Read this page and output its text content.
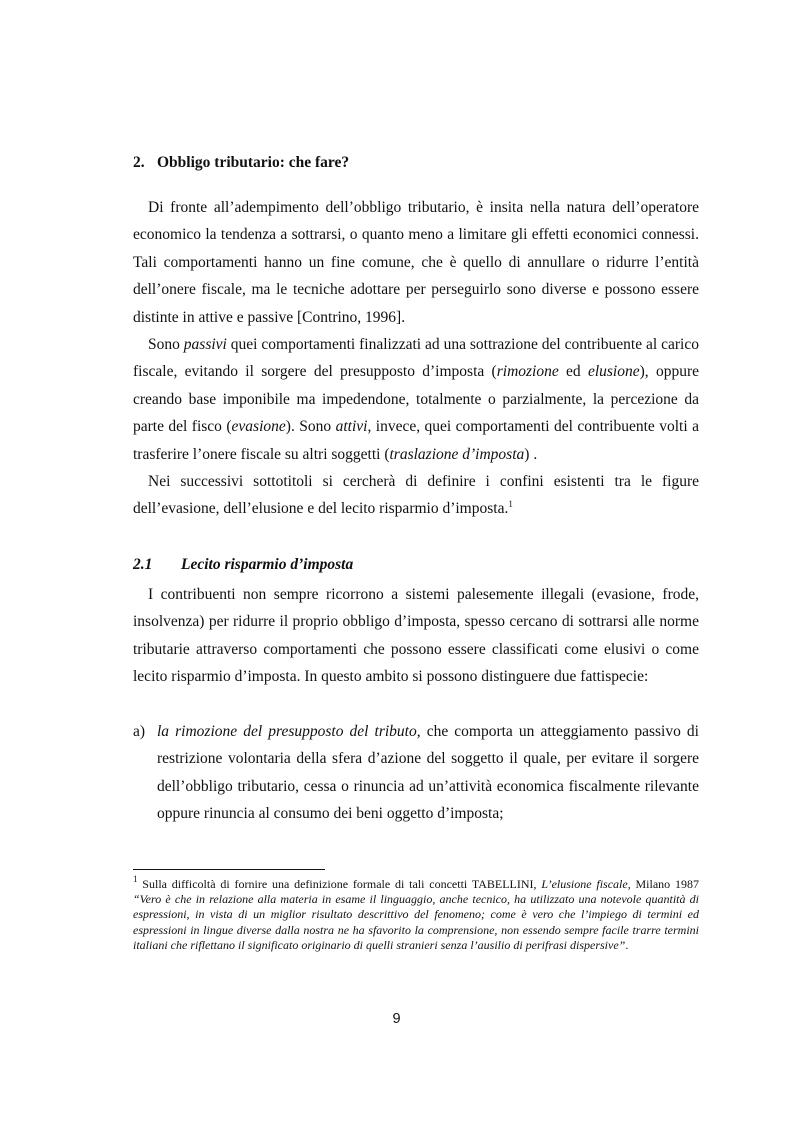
2. Obbligo tributario: che fare?

Di fronte all’adempimento dell’obbligo tributario, è insita nella natura dell’operatore economico la tendenza a sottrarsi, o quanto meno a limitare gli effetti economici connessi. Tali comportamenti hanno un fine comune, che è quello di annullare o ridurre l’entità dell’onere fiscale, ma le tecniche adottare per perseguirlo sono diverse e possono essere distinte in attive e passive [Contrino, 1996].

Sono passivi quei comportamenti finalizzati ad una sottrazione del contribuente al carico fiscale, evitando il sorgere del presupposto d’imposta (rimozione ed elusione), oppure creando base imponibile ma impedendone, totalmente o parzialmente, la percezione da parte del fisco (evasione). Sono attivi, invece, quei comportamenti del contribuente volti a trasferire l’onere fiscale su altri soggetti (traslazione d’imposta) .

Nei successivi sottotitoli si cercherà di definire i confini esistenti tra le figure dell’evasione, dell’elusione e del lecito risparmio d’imposta.$^1$

2.1 Lecito risparmio d’imposta

I contribuenti non sempre ricorrono a sistemi palesemente illegali (evasione, frode, insolvenza) per ridurre il proprio obbligo d’imposta, spesso cercano di sottrarsi alle norme tributarie attraverso comportamenti che possono essere classificati come elusivi o come lecito risparmio d’imposta. In questo ambito si possono distinguere due fattispecie:

a) la rimozione del presupposto del tributo, che comporta un atteggiamento passivo di restrizione volontaria della sfera d’azione del soggetto il quale, per evitare il sorgere dell’obbligo tributario, cessa o rinuncia ad un’attività economica fiscalmente rilevante oppure rinuncia al consumo dei beni oggetto d’imposta;
$^1$ Sulla difficoltà di fornire una definizione formale di tali concetti TABELLINI, L’elusione fiscale, Milano 1987 “Vero è che in relazione alla materia in esame il linguaggio, anche tecnico, ha utilizzato una notevole quantità di espressioni, in vista di un miglior risultato descrittivo del fenomeno; come è vero che l’impiego di termini ed espressioni in lingue diverse dalla nostra ne ha sfavorito la comprensione, non essendo sempre facile trarre termini italiani che riflettano il significato originario di quelli stranieri senza l’ausilio di perifrasi dispersive”.
9
